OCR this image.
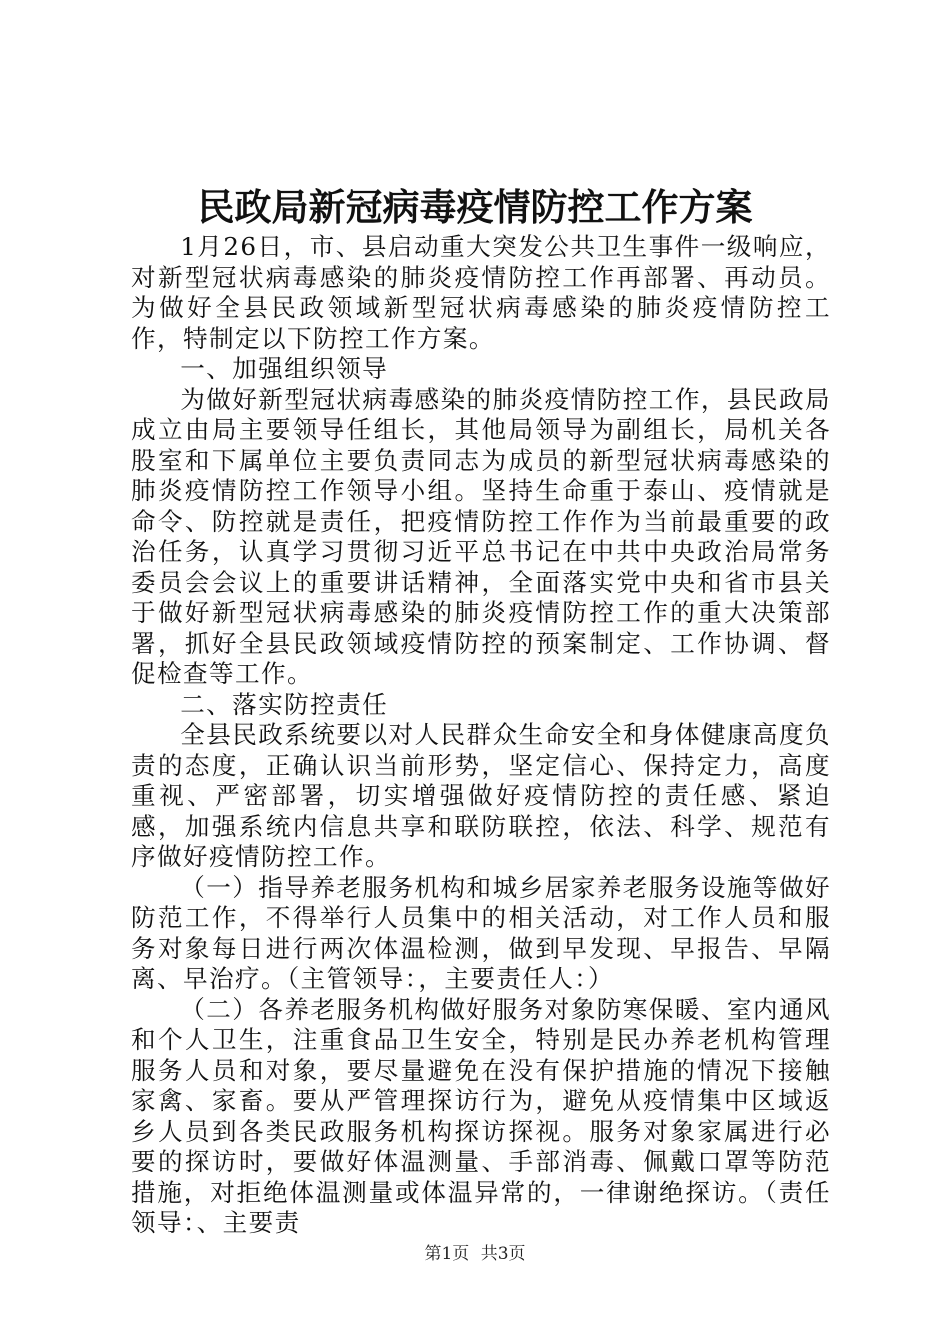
民政局新冠病毒疫情防控工作方案

1月26日，市、县启动重大突发公共卫生事件一级响应，对新型冠状病毒感染的肺炎疫情防控工作再部署、再动员。为做好全县民政领域新型冠状病毒感染的肺炎疫情防控工作，特制定以下防控工作方案。

一、加强组织领导

为做好新型冠状病毒感染的肺炎疫情防控工作，县民政局成立由局主要领导任组长，其他局领导为副组长，局机关各股室和下属单位主要负责同志为成员的新型冠状病毒感染的肺炎疫情防控工作领导小组。坚持生命重于泰山、疫情就是命令、防控就是责任，把疫情防控工作作为当前最重要的政治任务，认真学习贯彻习近平总书记在中共中央政治局常务委员会会议上的重要讲话精神，全面落实党中央和省市县关于做好新型冠状病毒感染的肺炎疫情防控工作的重大决策部署，抓好全县民政领域疫情防控的预案制定、工作协调、督促检查等工作。

二、落实防控责任

全县民政系统要以对人民群众生命安全和身体健康高度负责的态度，正确认识当前形势，坚定信心、保持定力，高度重视、严密部署，切实增强做好疫情防控的责任感、紧迫感，加强系统内信息共享和联防联控，依法、科学、规范有序做好疫情防控工作。

（一）指导养老服务机构和城乡居家养老服务设施等做好防范工作，不得举行人员集中的相关活动，对工作人员和服务对象每日进行两次体温检测，做到早发现、早报告、早隔离、早治疗。（主管领导：，主要责任人：）

（二）各养老服务机构做好服务对象防寒保暖、室内通风和个人卫生，注重食品卫生安全，特别是民办养老机构管理服务人员和对象，要尽量避免在没有保护措施的情况下接触家禽、家畜。要从严管理探访行为，避免从疫情集中区域返乡人员到各类民政服务机构探访探视。服务对象家属进行必要的探访时，要做好体温测量、手部消毒、佩戴口罩等防范措施，对拒绝体温测量或体温异常的，一律谢绝探访。（责任领导：、主要责

第1页 共3页
